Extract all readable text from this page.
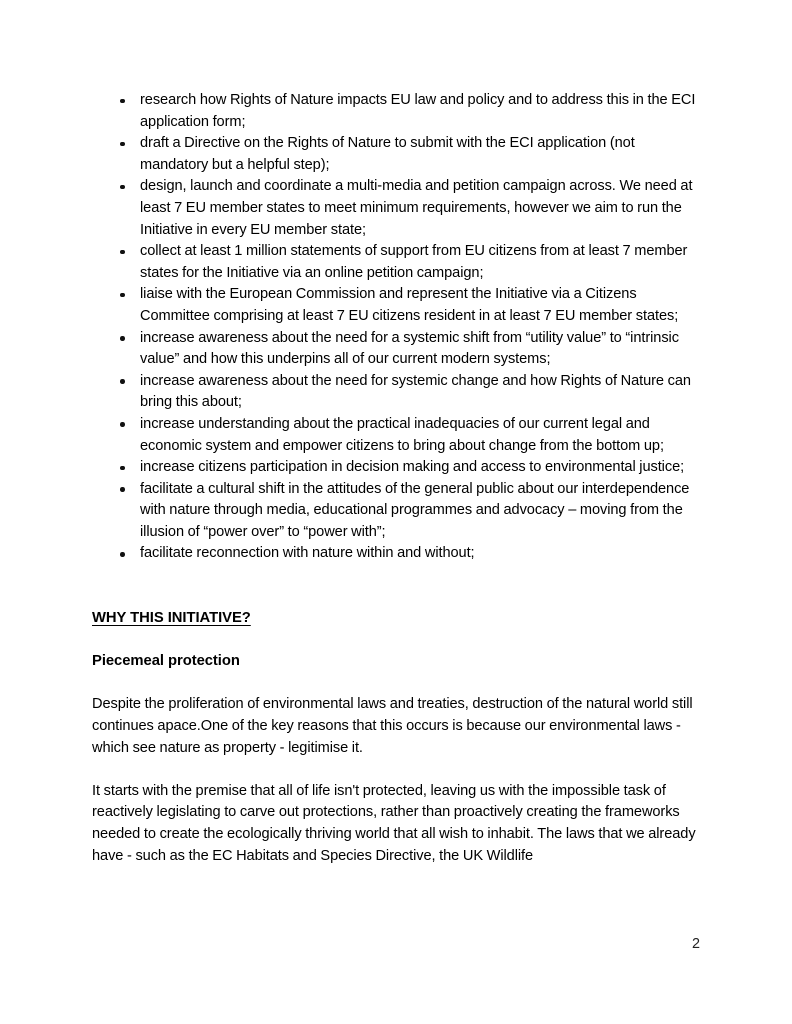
research how Rights of Nature impacts EU law and policy and to address this in the ECI application form;
draft a Directive on the Rights of Nature to submit with the ECI application (not mandatory but a helpful step);
design, launch and coordinate a multi-media and petition campaign across. We need at least 7 EU member states to meet minimum requirements, however we aim to run the Initiative in every EU member state;
collect at least 1 million statements of support from EU citizens from at least 7 member states for the Initiative via an online petition campaign;
liaise with the European Commission and represent the Initiative via a Citizens Committee comprising at least 7 EU citizens resident in at least 7 EU member states;
increase awareness about the need for a systemic shift from “utility value” to “intrinsic value” and how this underpins all of our current modern systems;
increase awareness about the need for systemic change and how Rights of Nature can bring this about;
increase understanding about the practical inadequacies of our current legal and economic system and empower citizens to bring about change from the bottom up;
increase citizens participation in decision making and access to environmental justice;
facilitate a cultural shift in the attitudes of the general public about our interdependence with nature through media, educational programmes and advocacy – moving from the illusion of “power over” to “power with”;
facilitate reconnection with nature within and without;
WHY THIS INITIATIVE?
Piecemeal protection

Despite the proliferation of environmental laws and treaties, destruction of the natural world still continues apace.One of the key reasons that this occurs is because our environmental laws - which see nature as property - legitimise it.

It starts with the premise that all of life isn't protected, leaving us with the impossible task of reactively legislating to carve out protections, rather than proactively creating the frameworks needed to create the ecologically thriving world that all wish to inhabit. The laws that we already have - such as the EC Habitats and Species Directive, the UK Wildlife

2
